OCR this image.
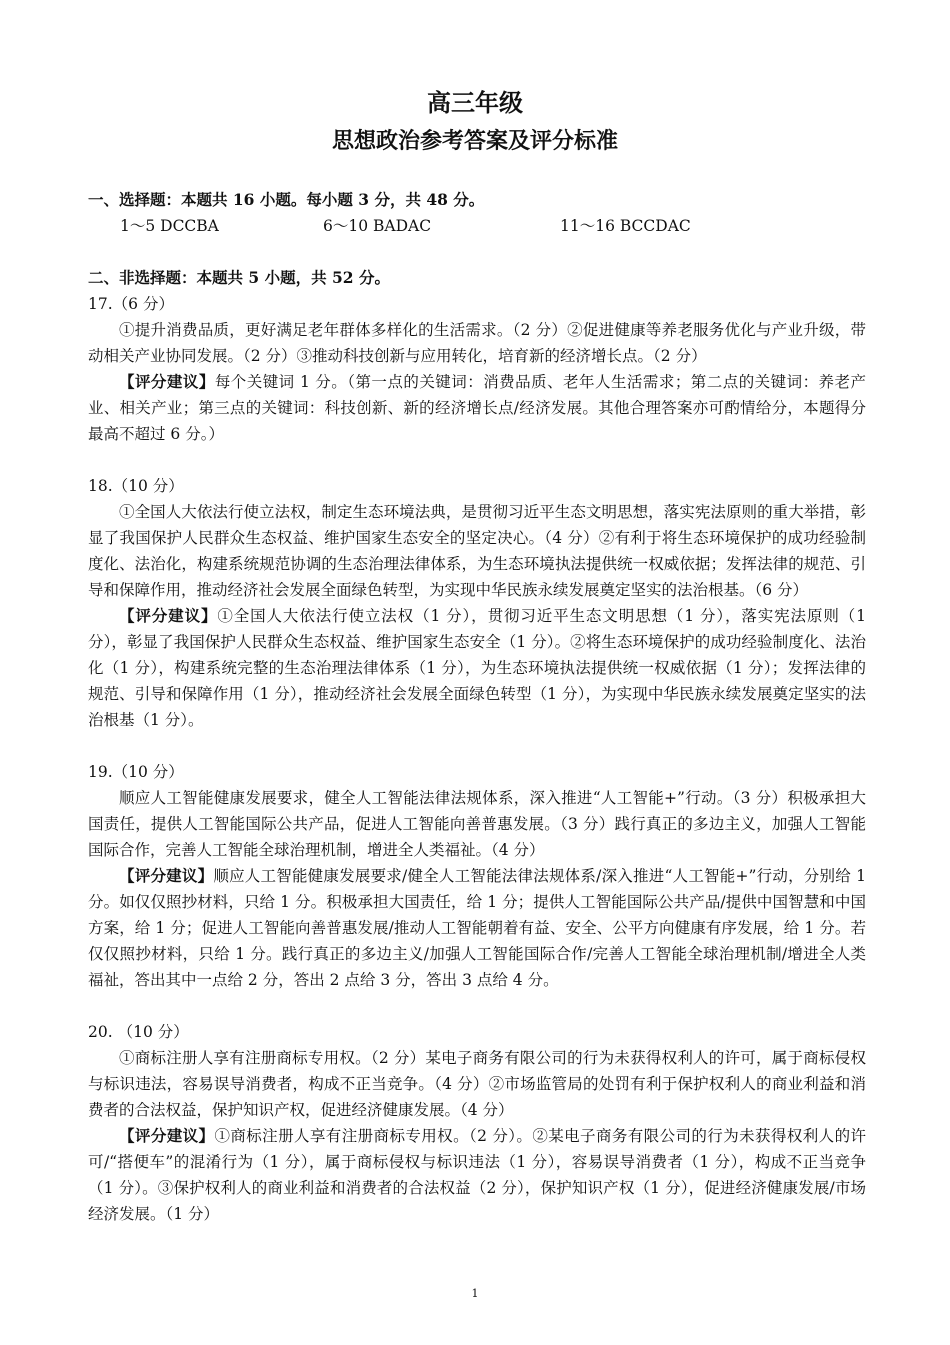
高三年级
思想政治参考答案及评分标准

一、选择题：本题共 16 小题。每小题 3 分，共 48 分。

1～5 DCCBA	6～10 BADAC	11～16 BCCDAC

二、非选择题：本题共 5 小题，共 52 分。

17.（6 分）

①提升消费品质，更好满足老年群体多样化的生活需求。（2 分）②促进健康等养老服务优化与产业升级，带动相关产业协同发展。（2 分）③推动科技创新与应用转化，培育新的经济增长点。（2 分）

【评分建议】每个关键词 1 分。（第一点的关键词：消费品质、老年人生活需求；第二点的关键词：养老产业、相关产业；第三点的关键词：科技创新、新的经济增长点/经济发展。其他合理答案亦可酌情给分，本题得分最高不超过 6 分。）

18.（10 分）

①全国人大依法行使立法权，制定生态环境法典，是贯彻习近平生态文明思想，落实宪法原则的重大举措，彰显了我国保护人民群众生态权益、维护国家生态安全的坚定决心。（4 分）②有利于将生态环境保护的成功经验制度化、法治化，构建系统规范协调的生态治理法律体系，为生态环境执法提供统一权威依据；发挥法律的规范、引导和保障作用，推动经济社会发展全面绿色转型，为实现中华民族永续发展奠定坚实的法治根基。（6 分）

【评分建议】①全国人大依法行使立法权（1 分），贯彻习近平生态文明思想（1 分），落实宪法原则（1 分），彰显了我国保护人民群众生态权益、维护国家生态安全（1 分）。②将生态环境保护的成功经验制度化、法治化（1 分），构建系统完整的生态治理法律体系（1 分），为生态环境执法提供统一权威依据（1 分）；发挥法律的规范、引导和保障作用（1 分），推动经济社会发展全面绿色转型（1 分），为实现中华民族永续发展奠定坚实的法治根基（1 分）。

19.（10 分）

顺应人工智能健康发展要求，健全人工智能法律法规体系，深入推进“人工智能+”行动。（3 分）积极承担大国责任，提供人工智能国际公共产品，促进人工智能向善普惠发展。（3 分）践行真正的多边主义，加强人工智能国际合作，完善人工智能全球治理机制，增进全人类福祉。（4 分）

【评分建议】顺应人工智能健康发展要求/健全人工智能法律法规体系/深入推进“人工智能+”行动，分别给 1 分。如仅仅照抄材料，只给 1 分。积极承担大国责任，给 1 分；提供人工智能国际公共产品/提供中国智慧和中国方案，给 1 分；促进人工智能向善普惠发展/推动人工智能朝着有益、安全、公平方向健康有序发展，给 1 分。若仅仅照抄材料，只给 1 分。践行真正的多边主义/加强人工智能国际合作/完善人工智能全球治理机制/增进全人类福祉，答出其中一点给 2 分，答出 2 点给 3 分，答出 3 点给 4 分。

20. （10 分）

①商标注册人享有注册商标专用权。（2 分）某电子商务有限公司的行为未获得权利人的许可，属于商标侵权与标识违法，容易误导消费者，构成不正当竞争。（4 分）②市场监管局的处罚有利于保护权利人的商业利益和消费者的合法权益，保护知识产权，促进经济健康发展。（4 分）

【评分建议】①商标注册人享有注册商标专用权。（2 分）。②某电子商务有限公司的行为未获得权利人的许可/“搭便车”的混淆行为（1 分），属于商标侵权与标识违法（1 分），容易误导消费者（1 分），构成不正当竞争（1 分）。③保护权利人的商业利益和消费者的合法权益（2 分），保护知识产权（1 分），促进经济健康发展/市场经济发展。（1 分）

1
